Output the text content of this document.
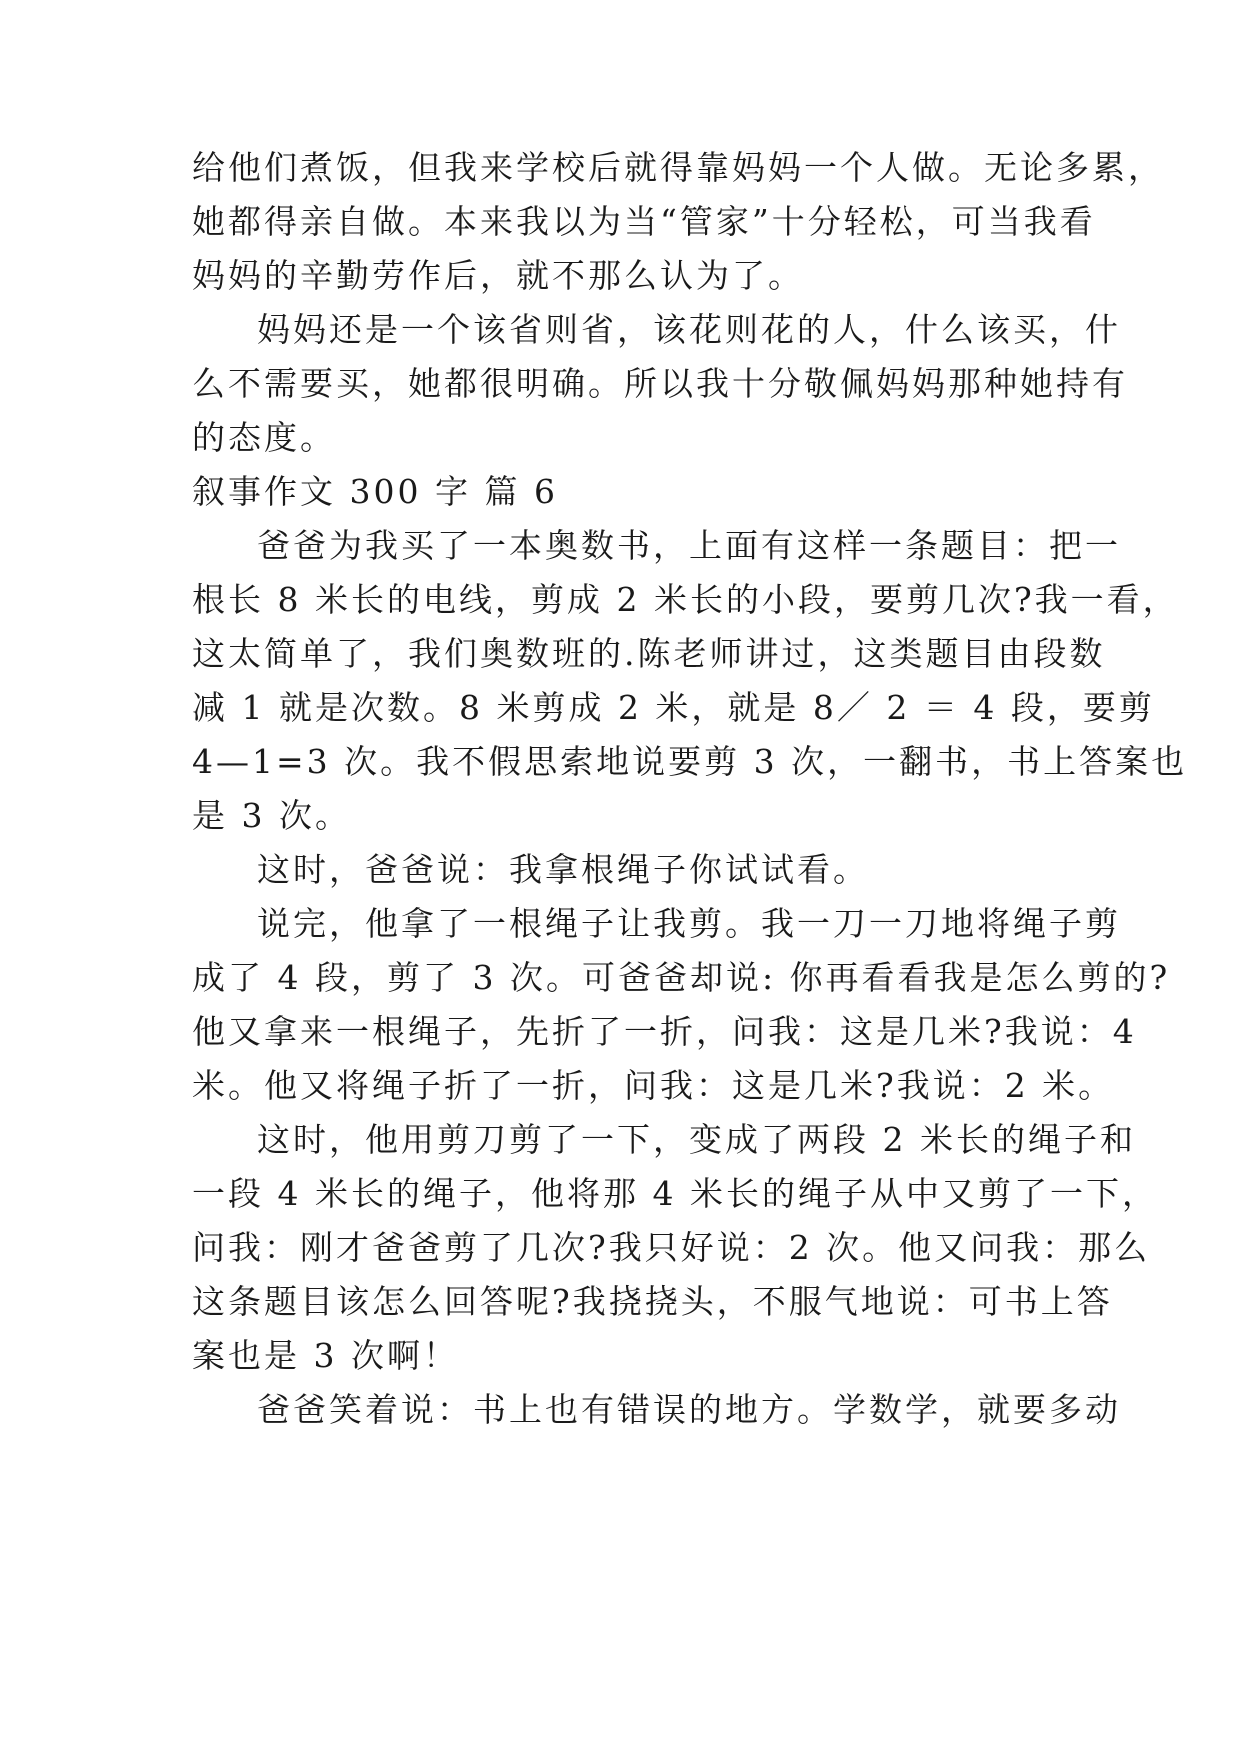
给他们煮饭，但我来学校后就得靠妈妈一个人做。无论多累，
她都得亲自做。本来我以为当“管家”十分轻松，可当我看
妈妈的辛勤劳作后，就不那么认为了。
妈妈还是一个该省则省，该花则花的人，什么该买，什
么不需要买，她都很明确。所以我十分敬佩妈妈那种她持有
的态度。
叙事作文 300 字 篇 6
爸爸为我买了一本奥数书，上面有这样一条题目：把一
根长 8 米长的电线，剪成 2 米长的小段，要剪几次?我一看，
这太简单了，我们奥数班的.陈老师讲过，这类题目由段数
减 1 就是次数。8 米剪成 2 米，就是 8／ 2 ＝ 4 段，要剪
4—1=3 次。我不假思索地说要剪 3 次，一翻书，书上答案也
是 3 次。
这时，爸爸说：我拿根绳子你试试看。
说完，他拿了一根绳子让我剪。我一刀一刀地将绳子剪
成了 4 段，剪了 3 次。可爸爸却说: 你再看看我是怎么剪的?
他又拿来一根绳子，先折了一折，问我：这是几米?我说：4
米。他又将绳子折了一折，问我：这是几米?我说：2 米。
这时，他用剪刀剪了一下，变成了两段 2 米长的绳子和
一段 4 米长的绳子，他将那 4 米长的绳子从中又剪了一下，
问我：刚才爸爸剪了几次?我只好说：2 次。他又问我：那么
这条题目该怎么回答呢?我挠挠头，不服气地说：可书上答
案也是 3 次啊！
爸爸笑着说：书上也有错误的地方。学数学，就要多动
